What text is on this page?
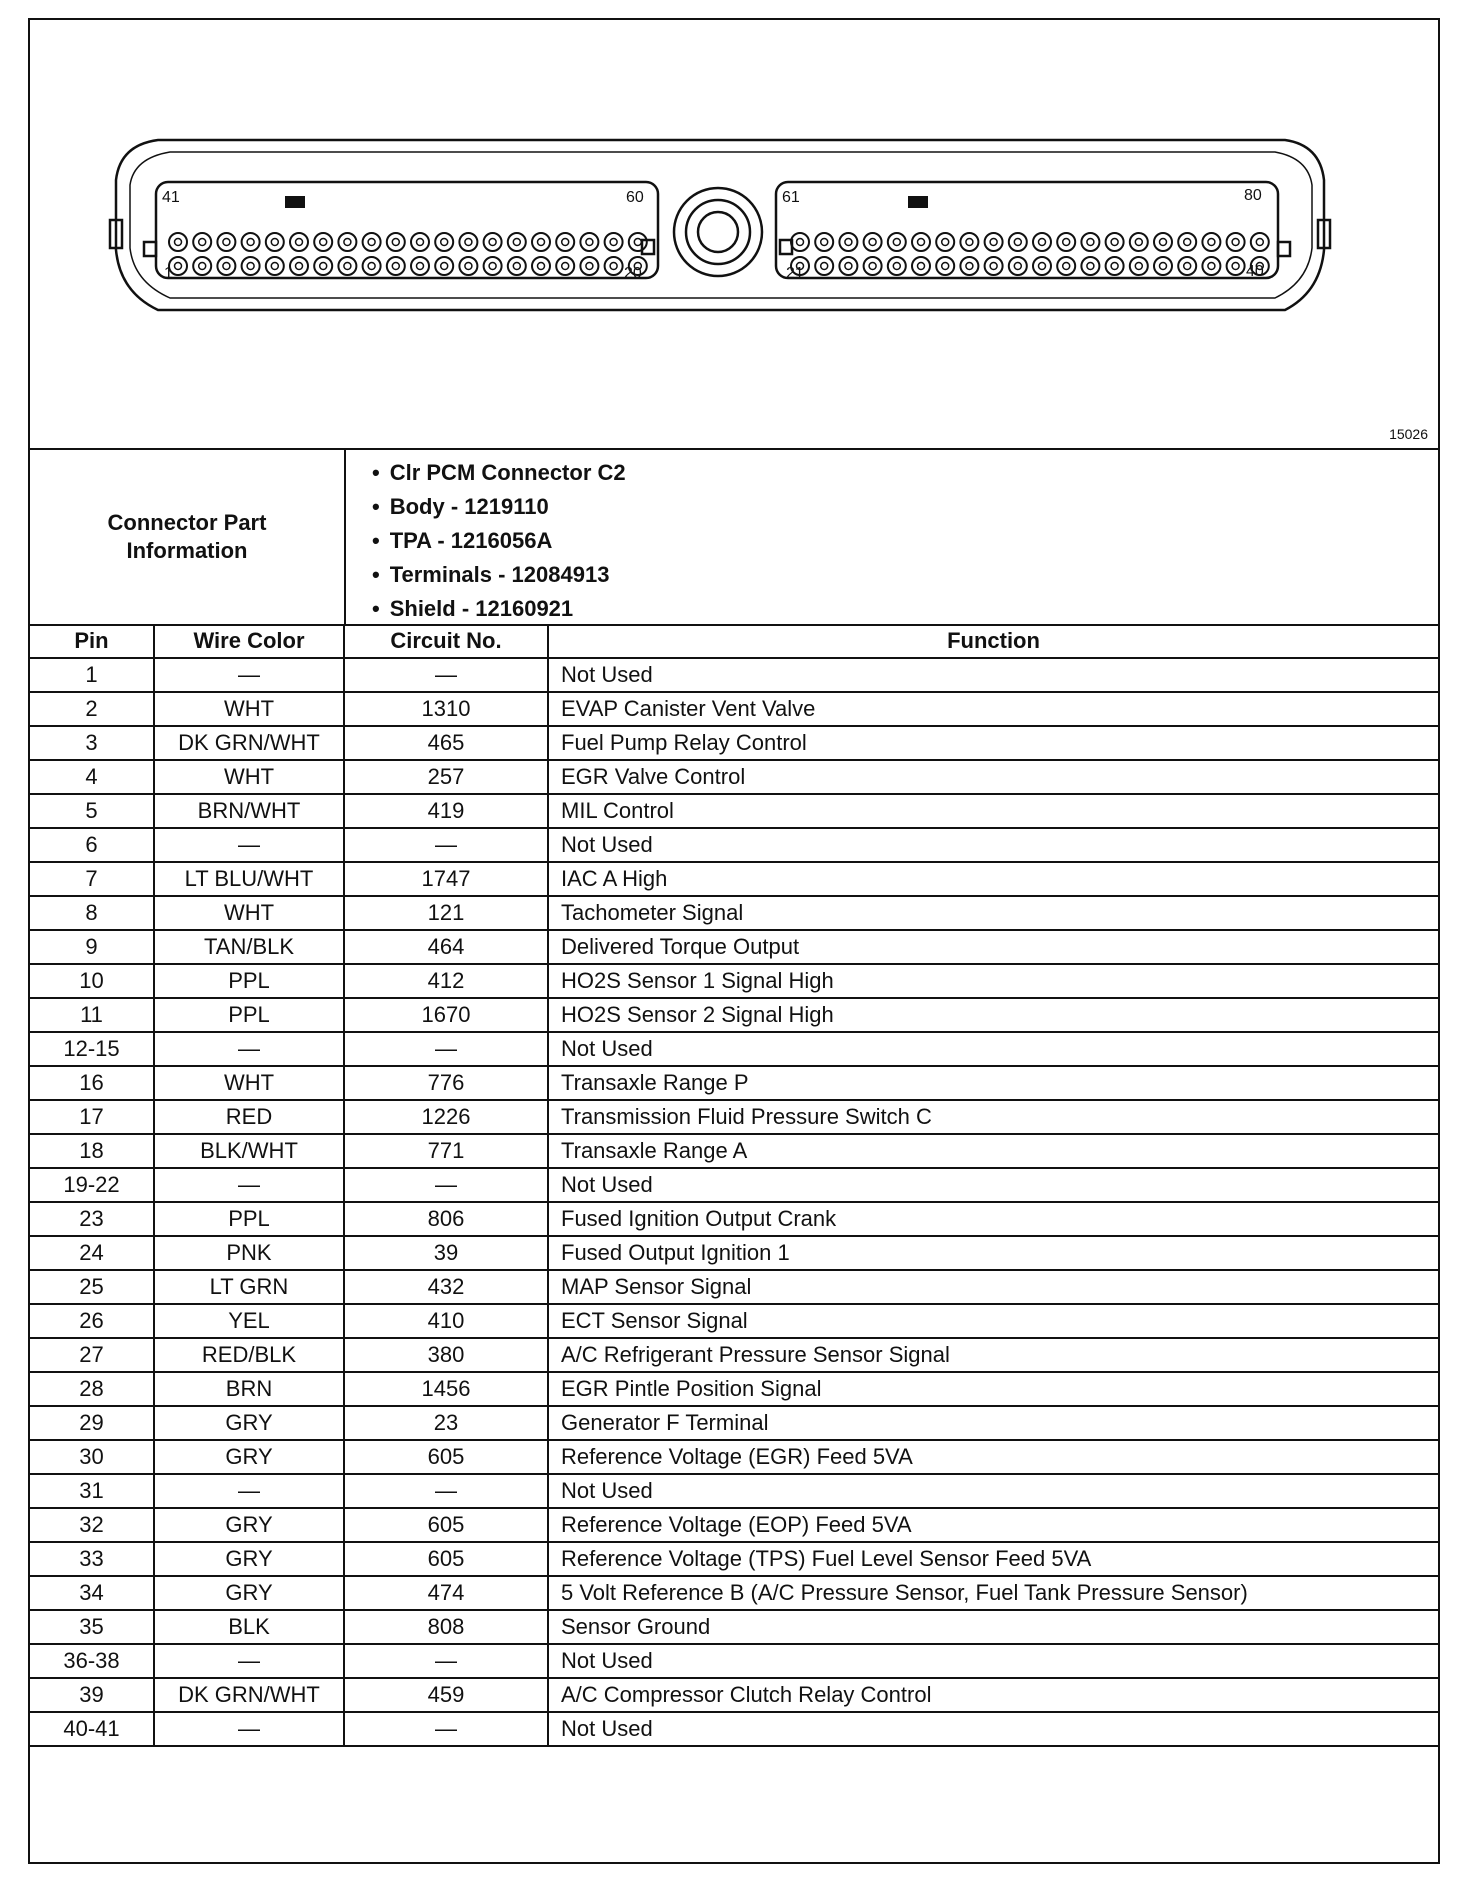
41	60
1	20
61	80
21	40
15026
Connector Part Information
• Clr PCM Connector C2
• Body - 1219110
• TPA - 1216056A
• Terminals - 12084913
• Shield - 12160921
Pin	Wire Color	Circuit No.	Function
1	—	—	Not Used
2	WHT	1310	EVAP Canister Vent Valve
3	DK GRN/WHT	465	Fuel Pump Relay Control
4	WHT	257	EGR Valve Control
5	BRN/WHT	419	MIL Control
6	—	—	Not Used
7	LT BLU/WHT	1747	IAC A High
8	WHT	121	Tachometer Signal
9	TAN/BLK	464	Delivered Torque Output
10	PPL	412	HO2S Sensor 1 Signal High
11	PPL	1670	HO2S Sensor 2 Signal High
12-15	—	—	Not Used
16	WHT	776	Transaxle Range P
17	RED	1226	Transmission Fluid Pressure Switch C
18	BLK/WHT	771	Transaxle Range A
19-22	—	—	Not Used
23	PPL	806	Fused Ignition Output Crank
24	PNK	39	Fused Output Ignition 1
25	LT GRN	432	MAP Sensor Signal
26	YEL	410	ECT Sensor Signal
27	RED/BLK	380	A/C Refrigerant Pressure Sensor Signal
28	BRN	1456	EGR Pintle Position Signal
29	GRY	23	Generator F Terminal
30	GRY	605	Reference Voltage (EGR) Feed 5VA
31	—	—	Not Used
32	GRY	605	Reference Voltage (EOP) Feed 5VA
33	GRY	605	Reference Voltage (TPS) Fuel Level Sensor Feed 5VA
34	GRY	474	5 Volt Reference B (A/C Pressure Sensor, Fuel Tank Pressure Sensor)
35	BLK	808	Sensor Ground
36-38	—	—	Not Used
39	DK GRN/WHT	459	A/C Compressor Clutch Relay Control
40-41	—	—	Not Used
